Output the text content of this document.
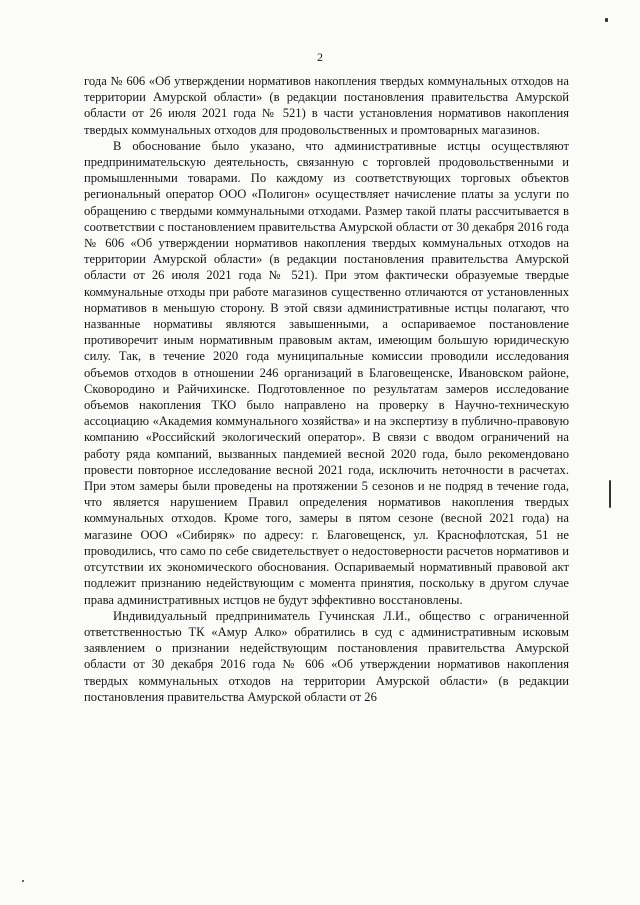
2

года № 606 «Об утверждении нормативов накопления твердых коммунальных отходов на территории Амурской области» (в редакции постановления правительства Амурской области от 26 июля 2021 года № 521) в части установления нормативов накопления твердых коммунальных отходов для продовольственных и промтоварных магазинов.

В обоснование было указано, что административные истцы осуществляют предпринимательскую деятельность, связанную с торговлей продовольственными и промышленными товарами. По каждому из соответствующих торговых объектов региональный оператор ООО «Полигон» осуществляет начисление платы за услуги по обращению с твердыми коммунальными отходами. Размер такой платы рассчитывается в соответствии с постановлением правительства Амурской области от 30 декабря 2016 года № 606 «Об утверждении нормативов накопления твердых коммунальных отходов на территории Амурской области» (в редакции постановления правительства Амурской области от 26 июля 2021 года № 521). При этом фактически образуемые твердые коммунальные отходы при работе магазинов существенно отличаются от установленных нормативов в меньшую сторону. В этой связи административные истцы полагают, что названные нормативы являются завышенными, а оспариваемое постановление противоречит иным нормативным правовым актам, имеющим большую юридическую силу. Так, в течение 2020 года муниципальные комиссии проводили исследования объемов отходов в отношении 246 организаций в Благовещенске, Ивановском районе, Сковородино и Райчихинске. Подготовленное по результатам замеров исследование объемов накопления ТКО было направлено на проверку в Научно-техническую ассоциацию «Академия коммунального хозяйства» и на экспертизу в публично-правовую компанию «Российский экологический оператор». В связи с вводом ограничений на работу ряда компаний, вызванных пандемией весной 2020 года, было рекомендовано провести повторное исследование весной 2021 года, исключить неточности в расчетах. При этом замеры были проведены на протяжении 5 сезонов и не подряд в течение года, что является нарушением Правил определения нормативов накопления твердых коммунальных отходов. Кроме того, замеры в пятом сезоне (весной 2021 года) на магазине ООО «Сибиряк» по адресу: г. Благовещенск, ул. Краснофлотская, 51 не проводились, что само по себе свидетельствует о недостоверности расчетов нормативов и отсутствии их экономического обоснования. Оспариваемый нормативный правовой акт подлежит признанию недействующим с момента принятия, поскольку в другом случае права административных истцов не будут эффективно восстановлены.

Индивидуальный предприниматель Гучинская Л.И., общество с ограниченной ответственностью ТК «Амур Алко» обратились в суд с административным исковым заявлением о признании недействующим постановления правительства Амурской области от 30 декабря 2016 года № 606 «Об утверждении нормативов накопления твердых коммунальных отходов на территории Амурской области» (в редакции постановления правительства Амурской области от 26
